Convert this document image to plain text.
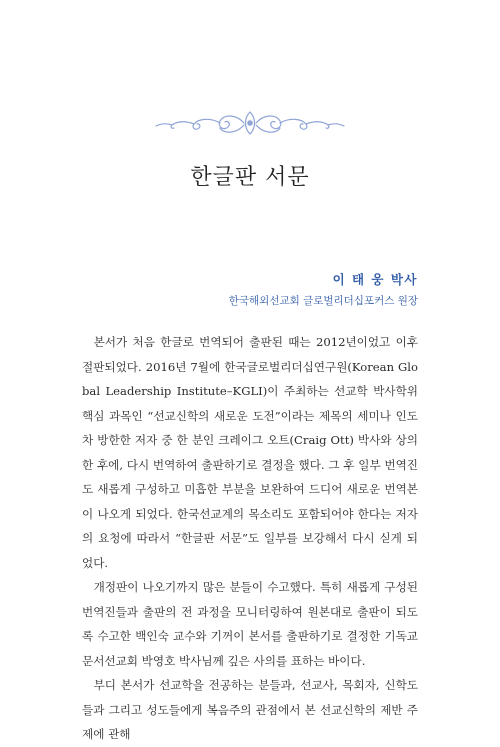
한글판 서문
이 태 웅 박사
한국해외선교회 글로벌리더십포커스 원장

본서가 처음 한글로 번역되어 출판된 때는 2012년이었고 이후 절판되었다. 2016년 7월에 한국글로벌리더십연구원(Korean Global Leadership Institute–KGLI)이 주최하는 선교학 박사학위 핵심 과목인 “선교신학의 새로운 도전”이라는 제목의 세미나 인도 차 방한한 저자 중 한 분인 크레이그 오트(Craig Ott) 박사와 상의한 후에, 다시 번역하여 출판하기로 결정을 했다. 그 후 일부 번역진도 새롭게 구성하고 미흡한 부분을 보완하여 드디어 새로운 번역본이 나오게 되었다. 한국선교계의 목소리도 포함되어야 한다는 저자의 요청에 따라서 “한글판 서문”도 일부를 보강해서 다시 싣게 되었다.

개정판이 나오기까지 많은 분들이 수고했다. 특히 새롭게 구성된 번역진들과 출판의 전 과정을 모니터링하여 원본대로 출판이 되도록 수고한 백인숙 교수와 기꺼이 본서를 출판하기로 결정한 기독교문서선교회 박영호 박사님께 깊은 사의를 표하는 바이다.

부디 본서가 선교학을 전공하는 분들과, 선교사, 목회자, 신학도들과 그리고 성도들에게 복음주의 관점에서 본 선교신학의 제반 주제에 관해
